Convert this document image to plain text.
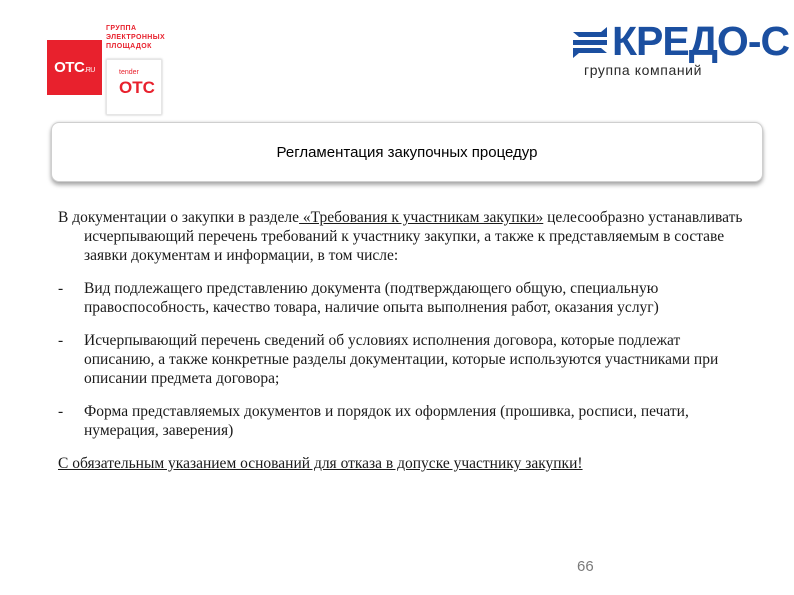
OTC.RU
ГРУППА
ЭЛЕКТРОННЫХ
ПЛОЩАДОК
tender
OTC
КРЕДО-С
группа компаний
Регламентация закупочных процедур

В документации о закупки в разделе «Требования к участникам закупки» целесообразно устанавливать исчерпывающий перечень требований к участнику закупки, а также к представляемым в составе заявки документам и информации, в том числе:

-	Вид подлежащего представлению документа (подтверждающего общую, специальную правоспособность, качество товара, наличие опыта выполнения работ, оказания услуг)
-	Исчерпывающий перечень сведений об условиях исполнения договора, которые подлежат описанию, а также конкретные разделы документации, которые используются участниками при описании предмета договора;
-	Форма представляемых документов и порядок их оформления (прошивка, росписи, печати, нумерация, заверения)
С обязательным указанием оснований для отказа в допуске участнику закупки!
66
